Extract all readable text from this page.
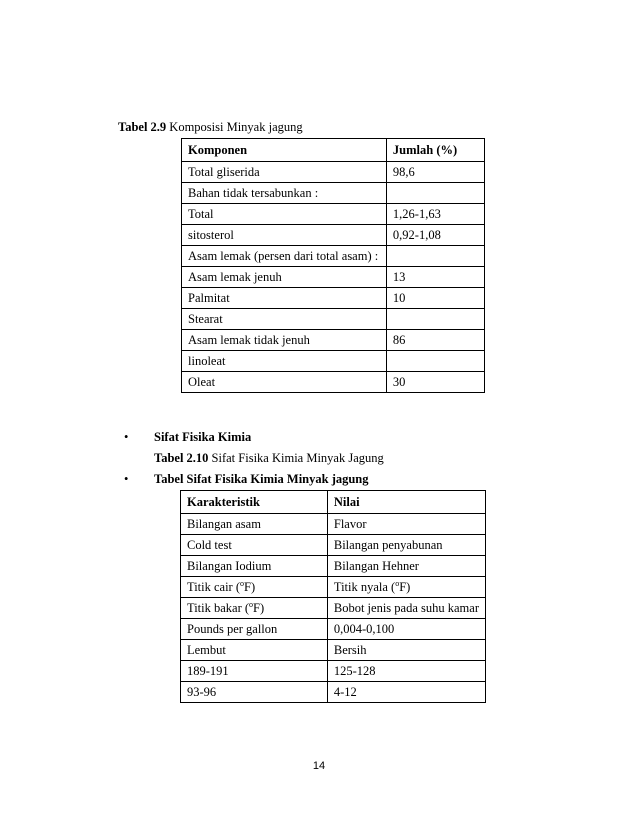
Tabel 2.9 Komposisi Minyak jagung
Komponen	Jumlah (%)
Total gliserida	98,6
Bahan tidak tersabunkan :	
Total	1,26-1,63
sitosterol	0,92-1,08
Asam lemak (persen dari total asam) :	
Asam lemak jenuh	13
Palmitat	10
Stearat	
Asam lemak tidak jenuh	86
linoleat	
Oleat	30
• Sifat Fisika Kimia
Tabel 2.10 Sifat Fisika Kimia Minyak Jagung
• Tabel Sifat Fisika Kimia Minyak jagung
Karakteristik	Nilai
Bilangan asam	Flavor
Cold test	Bilangan penyabunan
Bilangan Iodium	Bilangan Hehner
Titik cair ($^o$F)	Titik nyala ($^o$F)
Titik bakar ($^o$F)	Bobot jenis pada suhu kamar
Pounds per gallon	0,004-0,100
Lembut	Bersih
189-191	125-128
93-96	4-12
14
